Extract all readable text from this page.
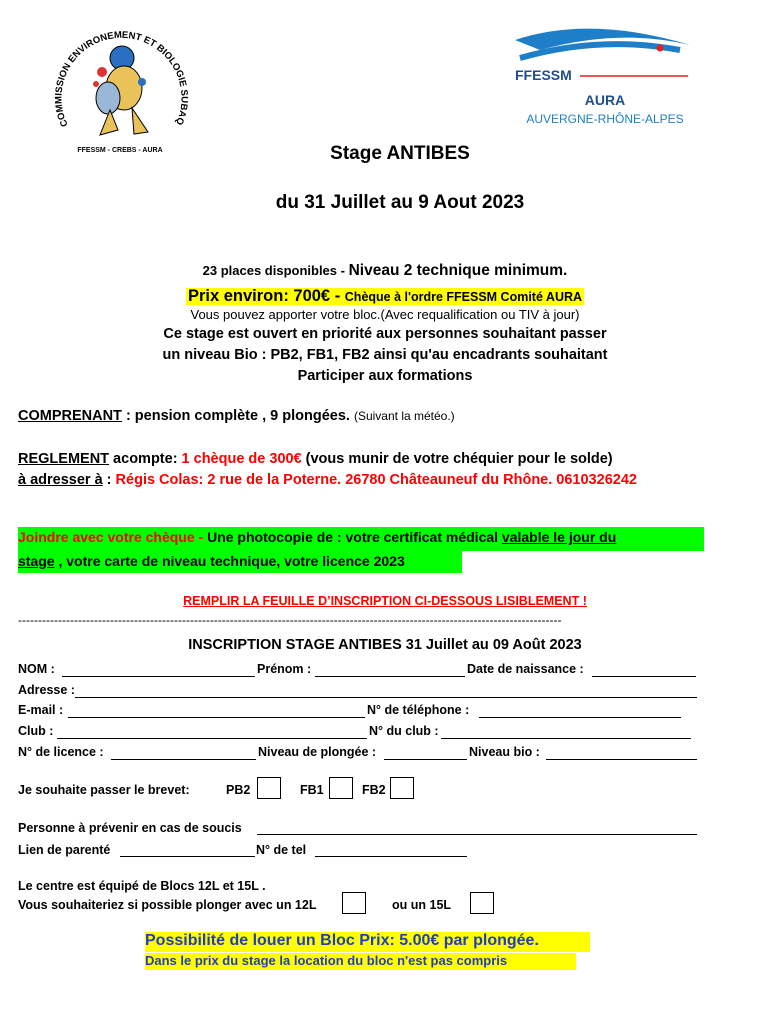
COMMISSION ENVIRONEMENT ET BIOLOGIE SUBAQ
FFESSM - CREBS - AURA
FFESSM
AURA
AUVERGNE-RHÔNE-ALPES
Stage ANTIBES
du 31 Juillet au 9 Aout 2023
23 places disponibles - Niveau 2 technique minimum.
Prix environ: 700€ - Chèque à l'ordre FFESSM Comité AURA
Vous pouvez apporter votre bloc.(Avec requalification ou TIV à jour)
Ce stage est ouvert en priorité aux personnes souhaitant passer
un niveau Bio : PB2, FB1, FB2 ainsi qu'au encadrants souhaitant
Participer aux formations
COMPRENANT : pension complète , 9 plongées. (Suivant la météo.)
REGLEMENT acompte: 1 chèque de 300€ (vous munir de votre chéquier pour le solde)
à adresser à : Régis Colas: 2 rue de la Poterne. 26780 Châteauneuf du Rhône. 0610326242
Joindre avec votre chèque - Une photocopie de : votre certificat médical valable le jour du
stage , votre carte de niveau technique, votre licence 2023
REMPLIR LA FEUILLE D’INSCRIPTION CI-DESSOUS LISIBLEMENT !
----------------------------------------------------------------------------------------------------------------------------------------
INSCRIPTION STAGE ANTIBES 31 Juillet au 09 Août 2023
NOM :	Prénom :	Date de naissance :
Adresse :
E-mail :	N° de téléphone :
Club :	N° du club :
N° de licence :	Niveau de plongée :	Niveau bio :
Je souhaite passer le brevet:	PB2	FB1	FB2
Personne à prévenir en cas de soucis
Lien de parenté	N° de tel
Le centre est équipé de Blocs 12L et 15L .
Vous souhaiteriez si possible plonger avec un 12L	ou un 15L
Possibilité de louer un Bloc Prix: 5.00€ par plongée.
Dans le prix du stage la location du bloc n'est pas compris
